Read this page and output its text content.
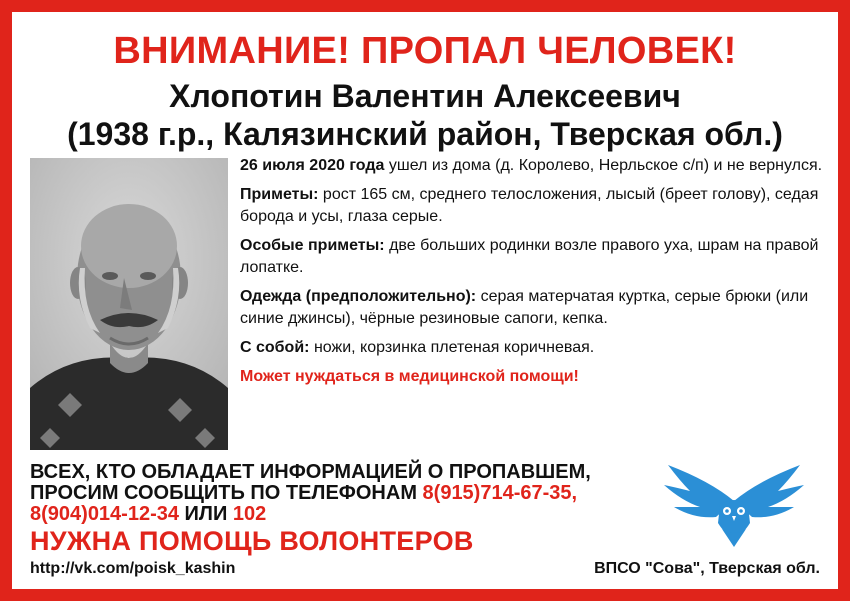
ВНИМАНИЕ! ПРОПАЛ ЧЕЛОВЕК!
Хлопотин Валентин Алексеевич
(1938 г.р., Калязинский район, Тверская обл.)

26 июля 2020 года ушел из дома (д. Королево, Нерльское с/п) и не вернулся.

Приметы: рост 165 см, среднего телосложения, лысый (бреет голову), седая борода и усы, глаза серые.

Особые приметы: две больших родинки возле правого уха, шрам на правой лопатке.

Одежда (предположительно): серая матерчатая куртка, серые брюки (или синие джинсы), чёрные резиновые сапоги, кепка.

С собой: ножи, корзинка плетеная коричневая.

Может нуждаться в медицинской помощи!

ВСЕХ, КТО ОБЛАДАЕТ ИНФОРМАЦИЕЙ О ПРОПАВШЕМ,
ПРОСИМ СООБЩИТЬ ПО ТЕЛЕФОНАМ 8(915)714-67-35,
8(904)014-12-34 ИЛИ 102
НУЖНА ПОМОЩЬ ВОЛОНТЕРОВ
http://vk.com/poisk_kashin	ВПСО "Сова", Тверская обл.
